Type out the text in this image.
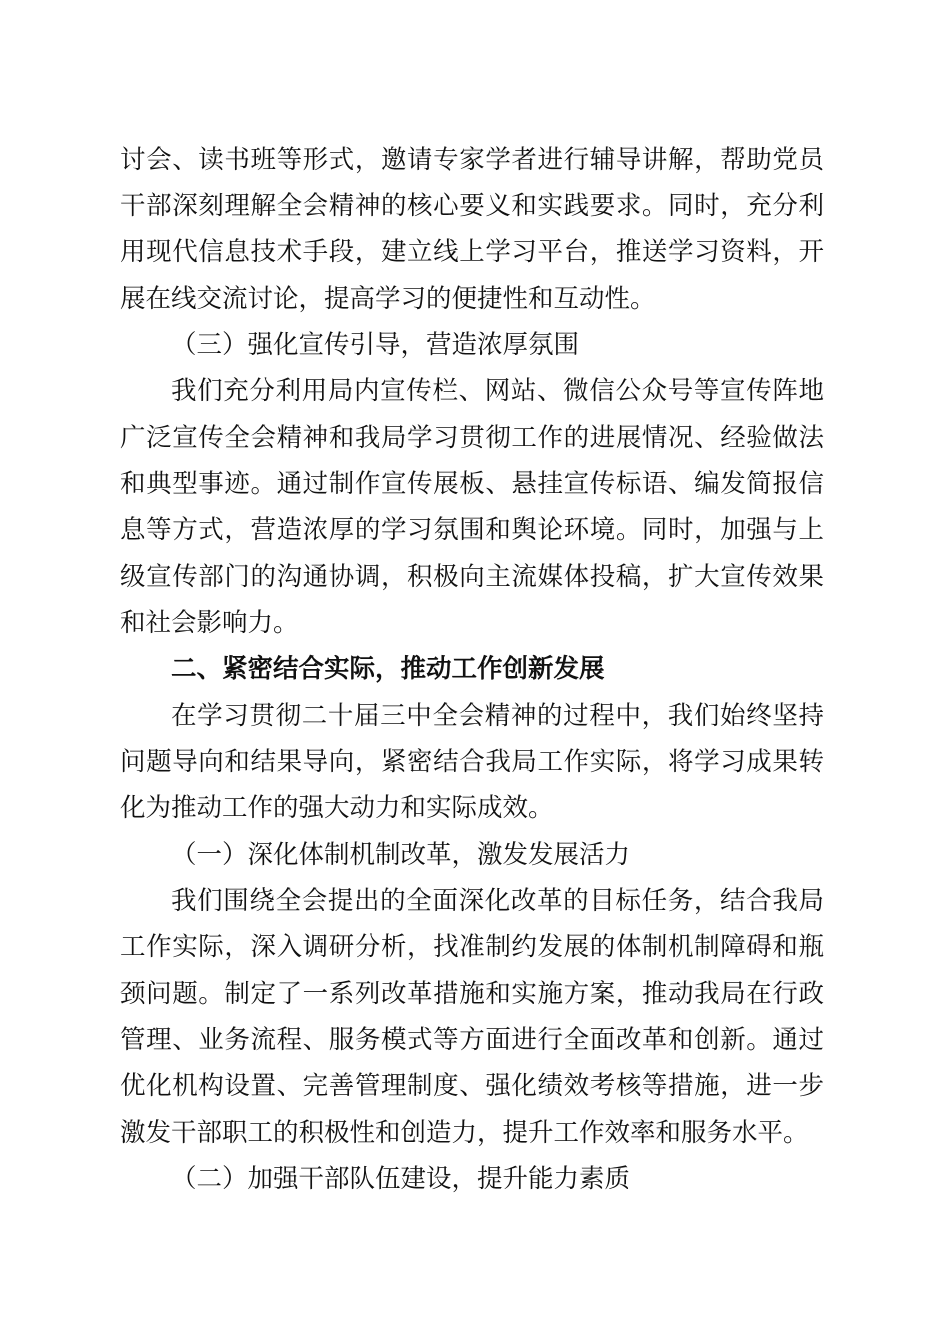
讨会、读书班等形式，邀请专家学者进行辅导讲解，帮助党员
干部深刻理解全会精神的核心要义和实践要求。同时，充分利
用现代信息技术手段，建立线上学习平台，推送学习资料，开
展在线交流讨论，提高学习的便捷性和互动性。
（三）强化宣传引导，营造浓厚氛围
我们充分利用局内宣传栏、网站、微信公众号等宣传阵地
广泛宣传全会精神和我局学习贯彻工作的进展情况、经验做法
和典型事迹。通过制作宣传展板、悬挂宣传标语、编发简报信
息等方式，营造浓厚的学习氛围和舆论环境。同时，加强与上
级宣传部门的沟通协调，积极向主流媒体投稿，扩大宣传效果
和社会影响力。
二、紧密结合实际，推动工作创新发展
在学习贯彻二十届三中全会精神的过程中，我们始终坚持
问题导向和结果导向，紧密结合我局工作实际，将学习成果转
化为推动工作的强大动力和实际成效。
（一）深化体制机制改革，激发发展活力
我们围绕全会提出的全面深化改革的目标任务，结合我局
工作实际，深入调研分析，找准制约发展的体制机制障碍和瓶
颈问题。制定了一系列改革措施和实施方案，推动我局在行政
管理、业务流程、服务模式等方面进行全面改革和创新。通过
优化机构设置、完善管理制度、强化绩效考核等措施，进一步
激发干部职工的积极性和创造力，提升工作效率和服务水平。
（二）加强干部队伍建设，提升能力素质
